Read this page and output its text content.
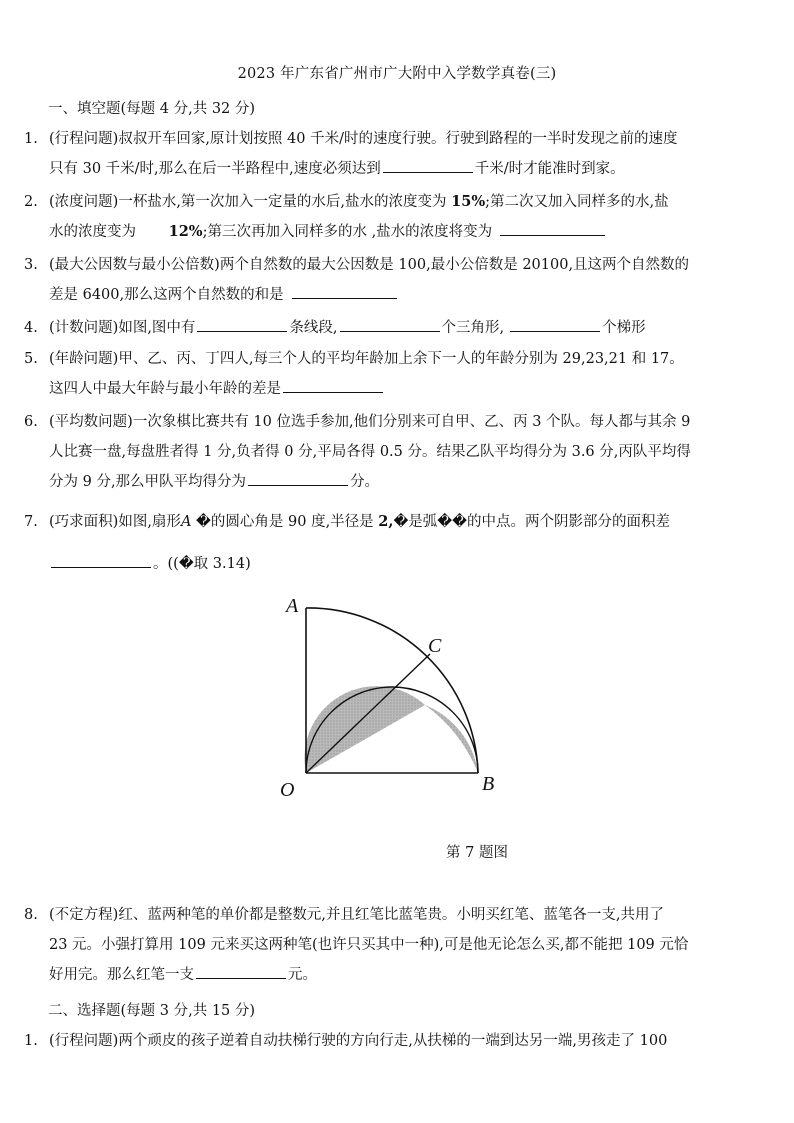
2023 年广东省广州市广大附中入学数学真卷(三)
一、填空题(每题 4 分,共 32 分)
1. (行程问题)叔叔开车回家,原计划按照 40 千米/时的速度行驶。行驶到路程的一半时发现之前的速度
只有 30 千米/时,那么在后一半路程中,速度必须达到	千米/时才能准时到家。
2. (浓度问题)一杯盐水,第一次加入一定量的水后,盐水的浓度变为 15%;第二次又加入同样多的水,盐
水的浓度变为 12%;第三次再加入同样多的水 ,盐水的浓度将变为
3. (最大公因数与最小公倍数)两个自然数的最大公因数是 100,最小公倍数是 20100,且这两个自然数的
差是 6400,那么这两个自然数的和是
4. (计数问题)如图,图中有	条线段,	个三角形,	个梯形
5. (年龄问题)甲、乙、丙、丁四人,每三个人的平均年龄加上余下一人的年龄分别为 29,23,21 和 17。
这四人中最大年龄与最小年龄的差是
6. (平均数问题)一次象棋比赛共有 10 位选手参加,他们分别来可自甲、乙、丙 3 个队。每人都与其余 9
人比赛一盘,每盘胜者得 1 分,负者得 0 分,平局各得 0.5 分。结果乙队平均得分为 3.6 分,丙队平均得
分为 9 分,那么甲队平均得分为	分。
7. (巧求面积)如图,扇形A �的圆心角是 90 度,半径是 2,�是弧��的中点。两个阴影部分的面积差
。((�取 3.14)
A
C
O	B
第 7 题图
8. (不定方程)红、蓝两种笔的单价都是整数元,并且红笔比蓝笔贵。小明买红笔、蓝笔各一支,共用了
23 元。小强打算用 109 元来买这两种笔(也许只买其中一种),可是他无论怎么买,都不能把 109 元恰
好用完。那么红笔一支	元。
二、选择题(每题 3 分,共 15 分)
1. (行程问题)两个顽皮的孩子逆着自动扶梯行驶的方向行走,从扶梯的一端到达另一端,男孩走了 100
